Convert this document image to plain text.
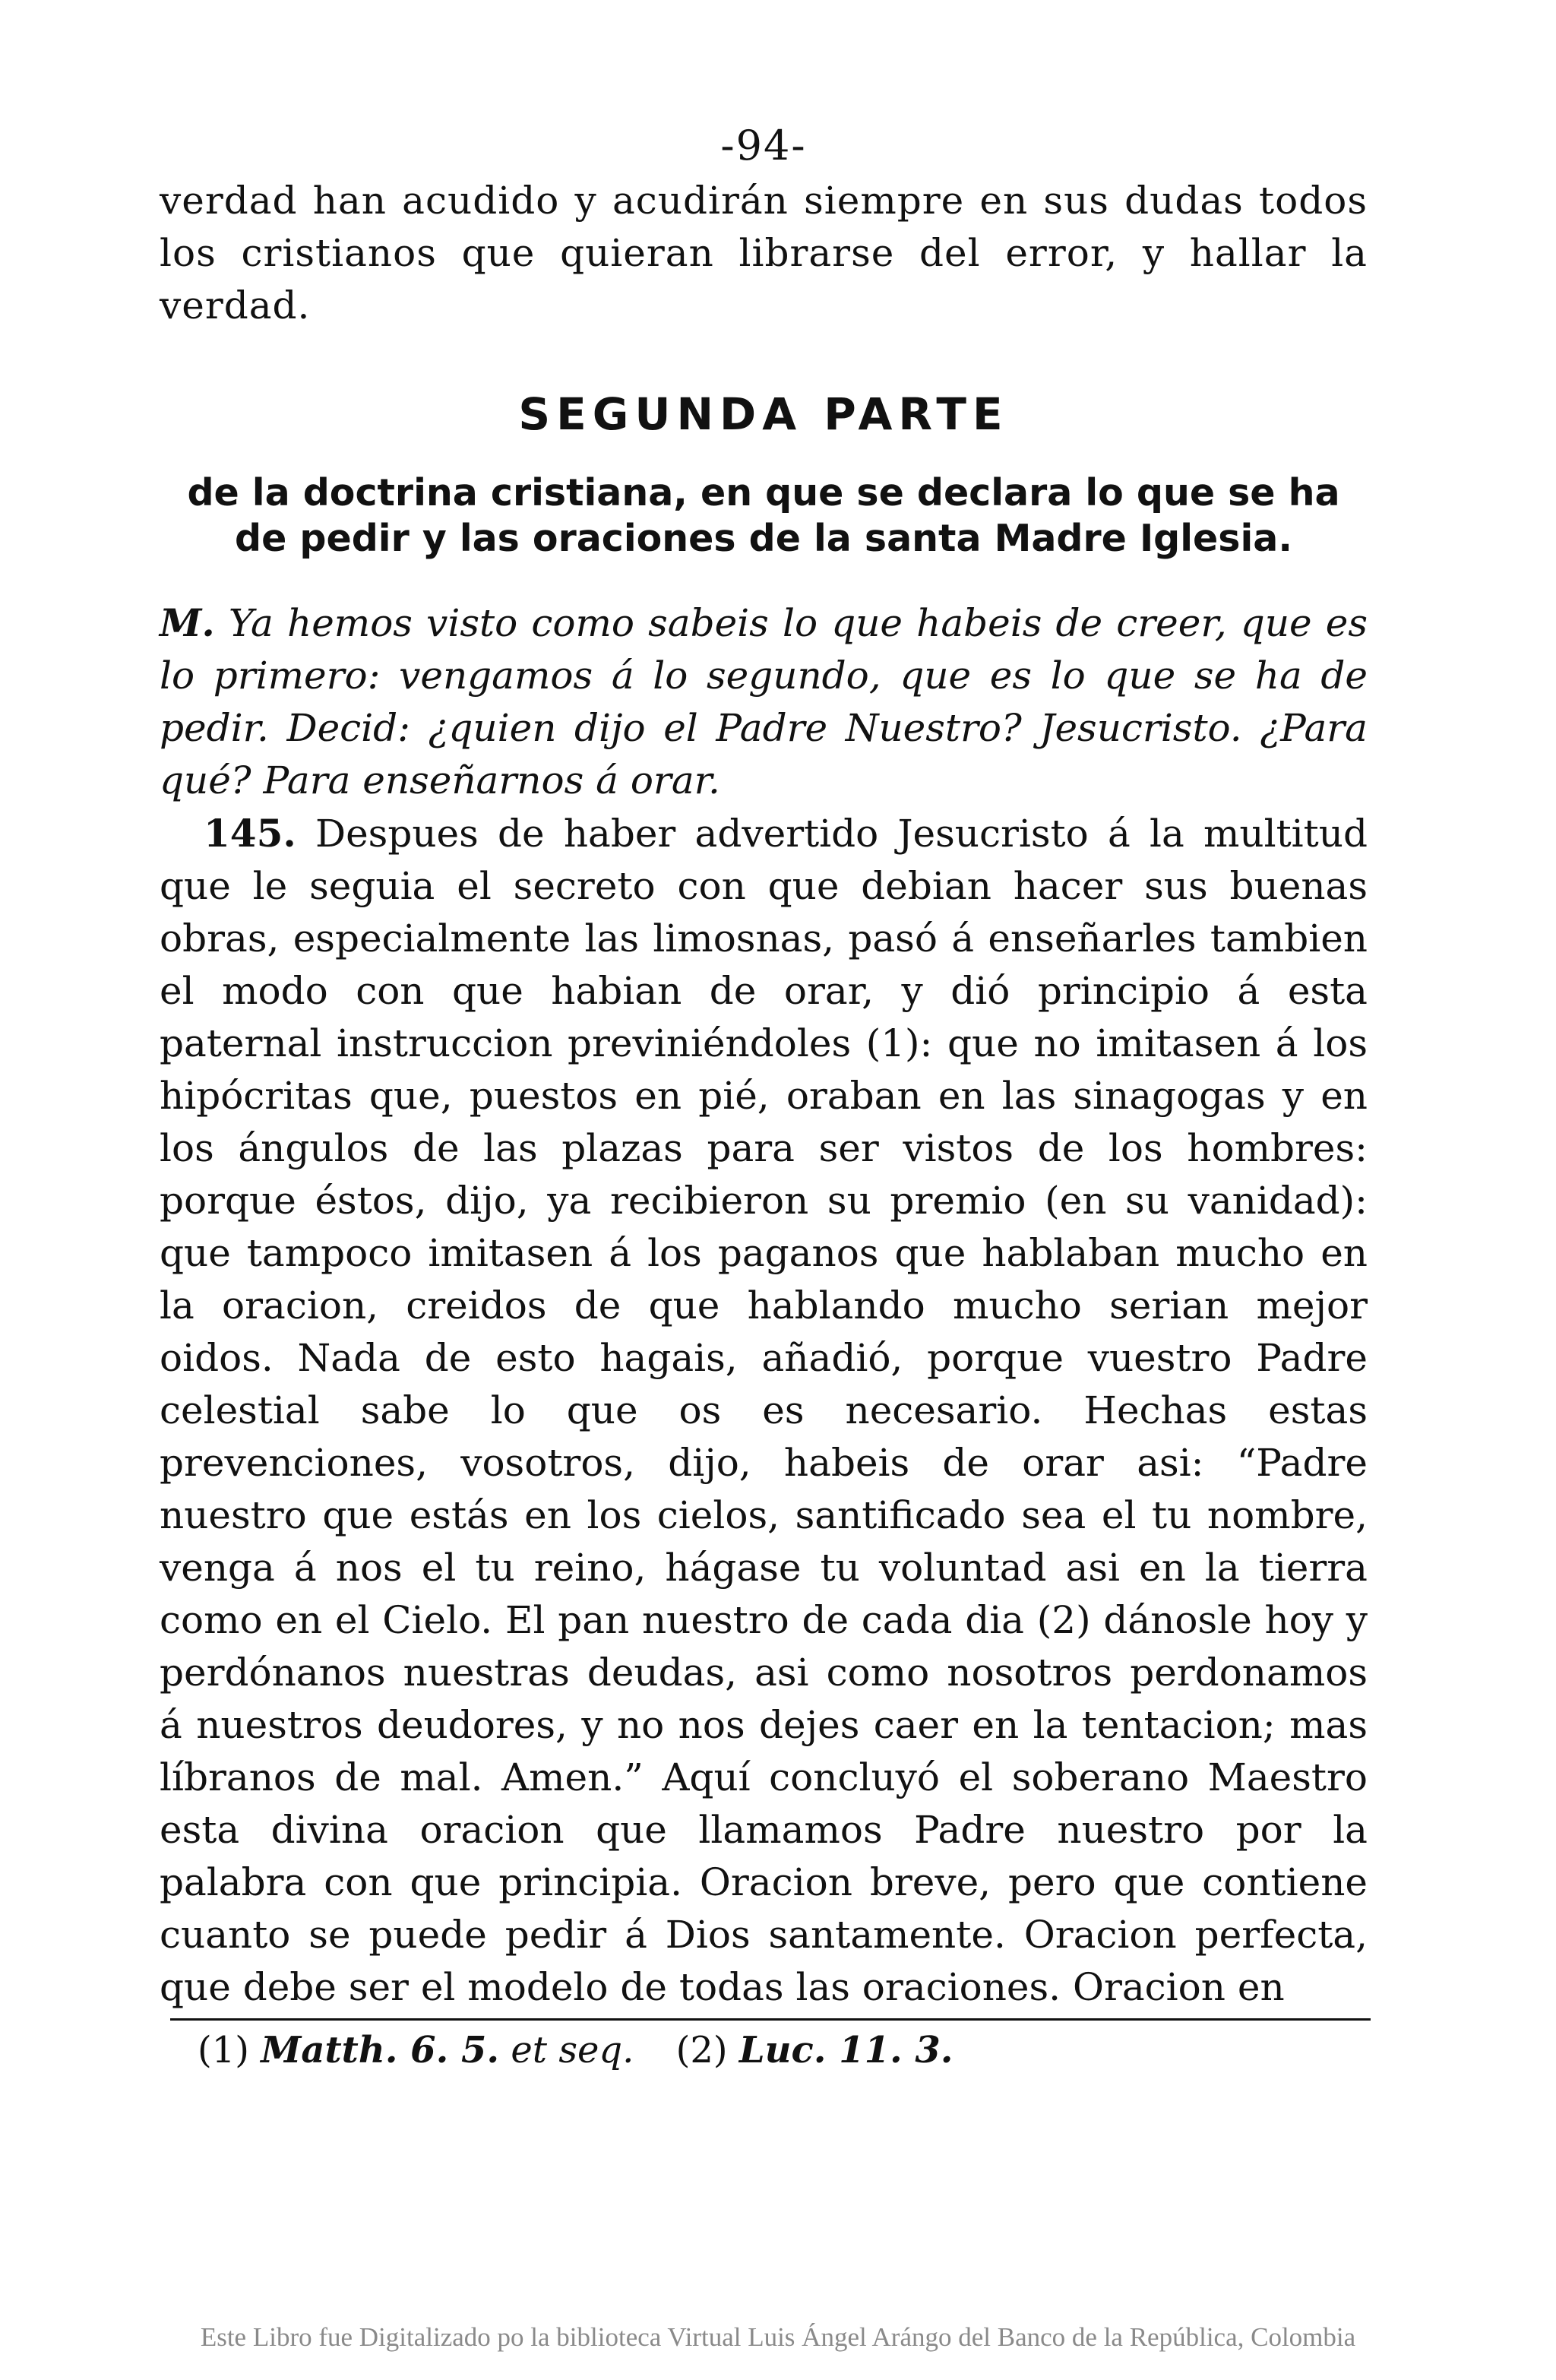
-94-

verdad han acudido y acudirán siempre en sus dudas todos los cristianos que quieran librarse del error, y hallar la verdad.

SEGUNDA PARTE
de la doctrina cristiana, en que se declara lo que se ha de pedir y las oraciones de la santa Madre Iglesia.

M. Ya hemos visto como sabeis lo que habeis de creer, que es lo primero: vengamos á lo segundo, que es lo que se ha de pedir. Decid: ¿quien dijo el Padre Nuestro? Jesucristo. ¿Para qué? Para enseñarnos á orar.

145. Despues de haber advertido Jesucristo á la multitud que le seguia el secreto con que debian hacer sus buenas obras, especialmente las limosnas, pasó á enseñarles tambien el modo con que habian de orar, y dió principio á esta paternal instruccion previniéndoles (1): que no imitasen á los hipócritas que, puestos en pié, oraban en las sinagogas y en los ángulos de las plazas para ser vistos de los hombres: porque éstos, dijo, ya recibieron su premio (en su vanidad): que tampoco imitasen á los paganos que hablaban mucho en la oracion, creidos de que hablando mucho serian mejor oidos. Nada de esto hagais, añadió, porque vuestro Padre celestial sabe lo que os es necesario. Hechas estas prevenciones, vosotros, dijo, habeis de orar asi: “Padre nuestro que estás en los cielos, santificado sea el tu nombre, venga á nos el tu reino, hágase tu voluntad asi en la tierra como en el Cielo. El pan nuestro de cada dia (2) dánosle hoy y perdónanos nuestras deudas, asi como nosotros perdonamos á nuestros deudores, y no nos dejes caer en la tentacion; mas líbranos de mal. Amen.” Aquí concluyó el soberano Maestro esta divina oracion que llamamos Padre nuestro por la palabra con que principia. Oracion breve, pero que contiene cuanto se puede pedir á Dios santamente. Oracion perfecta, que debe ser el modelo de todas las oraciones. Oracion en

(1) Matth. 6. 5. et seq. (2) Luc. 11. 3.
Este Libro fue Digitalizado po la biblioteca Virtual Luis Ángel Arángo del Banco de la República, Colombia
